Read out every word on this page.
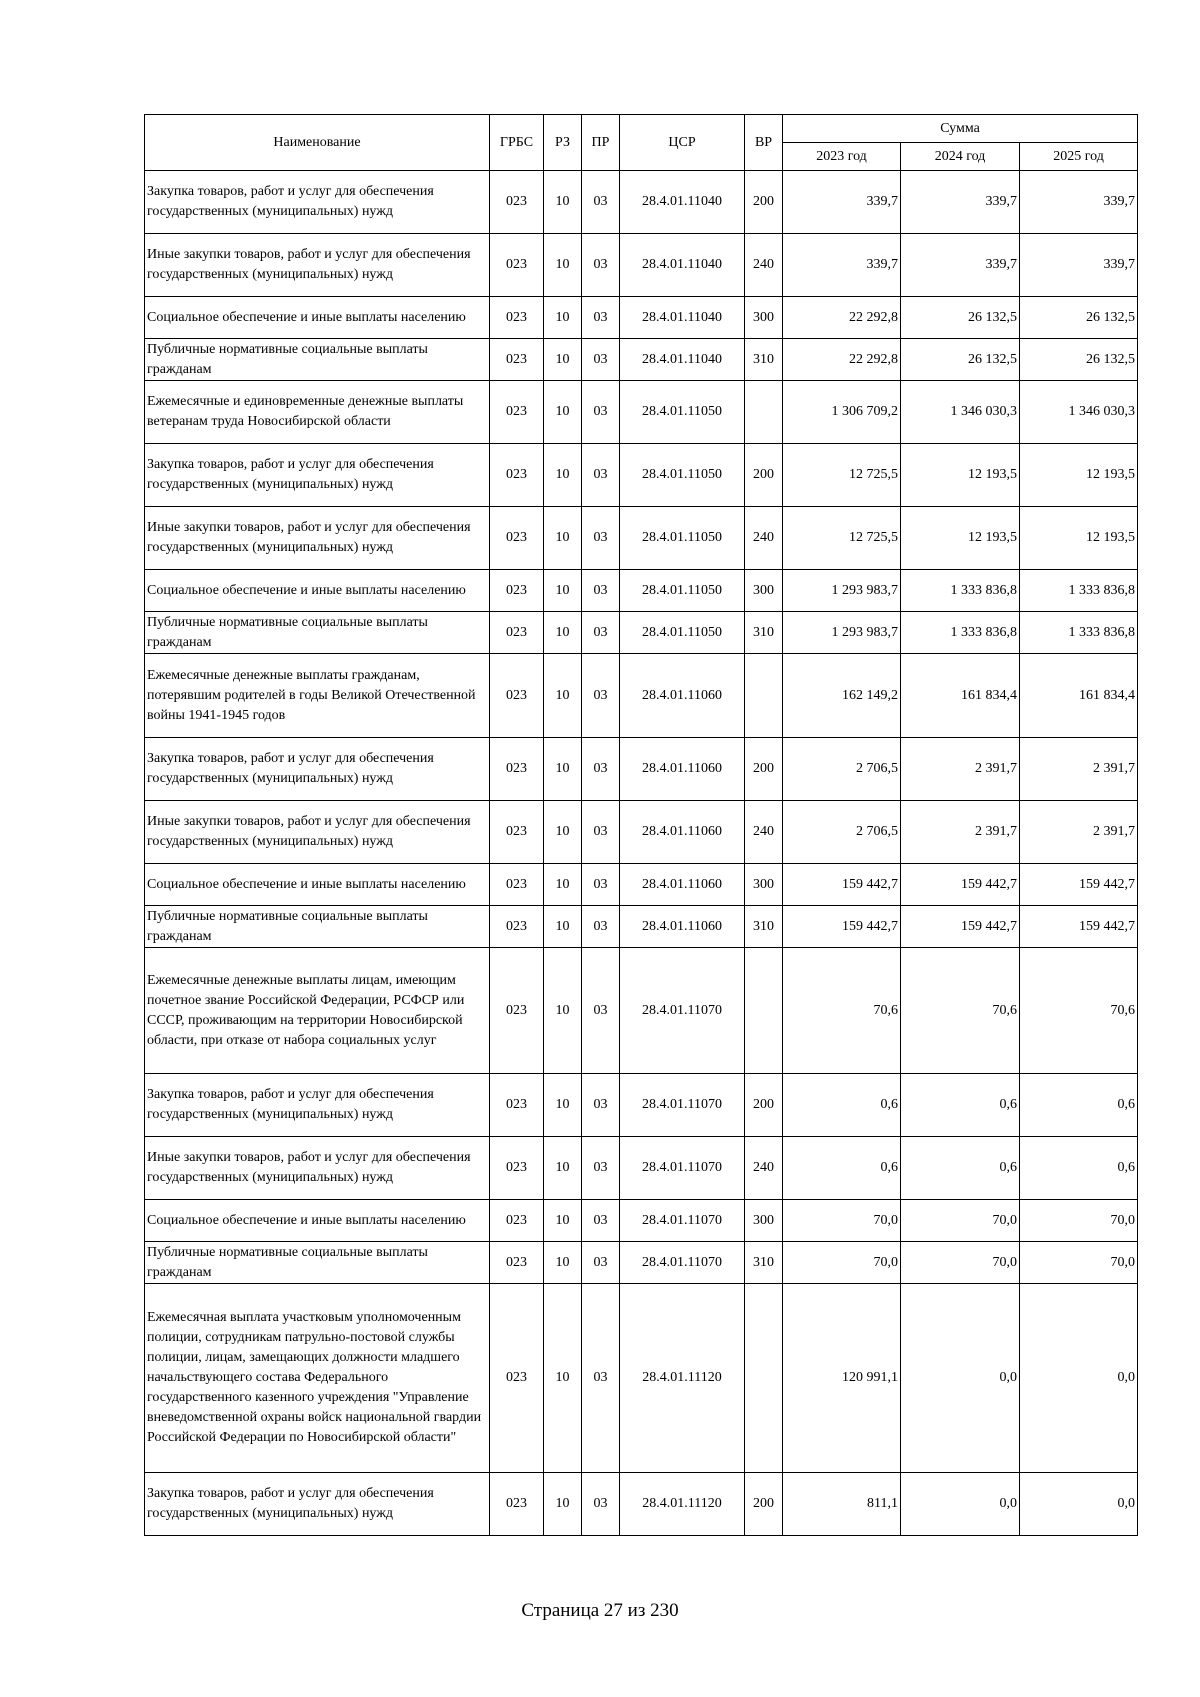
Наименование	ГРБС	РЗ	ПР	ЦСР	ВР	Сумма		
						2023 год	2024 год	2025 год
Закупка товаров, работ и услуг для обеспечения государственных (муниципальных) нужд	023	10	03	28.4.01.11040	200	339,7	339,7	339,7
Иные закупки товаров, работ и услуг для обеспечения государственных (муниципальных) нужд	023	10	03	28.4.01.11040	240	339,7	339,7	339,7
Социальное обеспечение и иные выплаты населению	023	10	03	28.4.01.11040	300	22 292,8	26 132,5	26 132,5
Публичные нормативные социальные выплаты гражданам	023	10	03	28.4.01.11040	310	22 292,8	26 132,5	26 132,5
Ежемесячные и единовременные денежные выплаты ветеранам труда Новосибирской области	023	10	03	28.4.01.11050		1 306 709,2	1 346 030,3	1 346 030,3
Закупка товаров, работ и услуг для обеспечения государственных (муниципальных) нужд	023	10	03	28.4.01.11050	200	12 725,5	12 193,5	12 193,5
Иные закупки товаров, работ и услуг для обеспечения государственных (муниципальных) нужд	023	10	03	28.4.01.11050	240	12 725,5	12 193,5	12 193,5
Социальное обеспечение и иные выплаты населению	023	10	03	28.4.01.11050	300	1 293 983,7	1 333 836,8	1 333 836,8
Публичные нормативные социальные выплаты гражданам	023	10	03	28.4.01.11050	310	1 293 983,7	1 333 836,8	1 333 836,8
Ежемесячные денежные выплаты гражданам, потерявшим родителей в годы Великой Отечественной войны 1941-1945 годов	023	10	03	28.4.01.11060		162 149,2	161 834,4	161 834,4
Закупка товаров, работ и услуг для обеспечения государственных (муниципальных) нужд	023	10	03	28.4.01.11060	200	2 706,5	2 391,7	2 391,7
Иные закупки товаров, работ и услуг для обеспечения государственных (муниципальных) нужд	023	10	03	28.4.01.11060	240	2 706,5	2 391,7	2 391,7
Социальное обеспечение и иные выплаты населению	023	10	03	28.4.01.11060	300	159 442,7	159 442,7	159 442,7
Публичные нормативные социальные выплаты гражданам	023	10	03	28.4.01.11060	310	159 442,7	159 442,7	159 442,7
Ежемесячные денежные выплаты лицам, имеющим почетное звание Российской Федерации, РСФСР или СССР, проживающим на территории Новосибирской области, при отказе от набора социальных услуг	023	10	03	28.4.01.11070		70,6	70,6	70,6
Закупка товаров, работ и услуг для обеспечения государственных (муниципальных) нужд	023	10	03	28.4.01.11070	200	0,6	0,6	0,6
Иные закупки товаров, работ и услуг для обеспечения государственных (муниципальных) нужд	023	10	03	28.4.01.11070	240	0,6	0,6	0,6
Социальное обеспечение и иные выплаты населению	023	10	03	28.4.01.11070	300	70,0	70,0	70,0
Публичные нормативные социальные выплаты гражданам	023	10	03	28.4.01.11070	310	70,0	70,0	70,0
Ежемесячная выплата участковым уполномоченным полиции, сотрудникам патрульно-постовой службы полиции, лицам, замещающих должности младшего начальствующего состава Федерального государственного казенного учреждения "Управление вневедомственной охраны войск национальной гвардии Российской Федерации по Новосибирской области"	023	10	03	28.4.01.11120		120 991,1	0,0	0,0
Закупка товаров, работ и услуг для обеспечения государственных (муниципальных) нужд	023	10	03	28.4.01.11120	200	811,1	0,0	0,0
Страница 27 из 230
